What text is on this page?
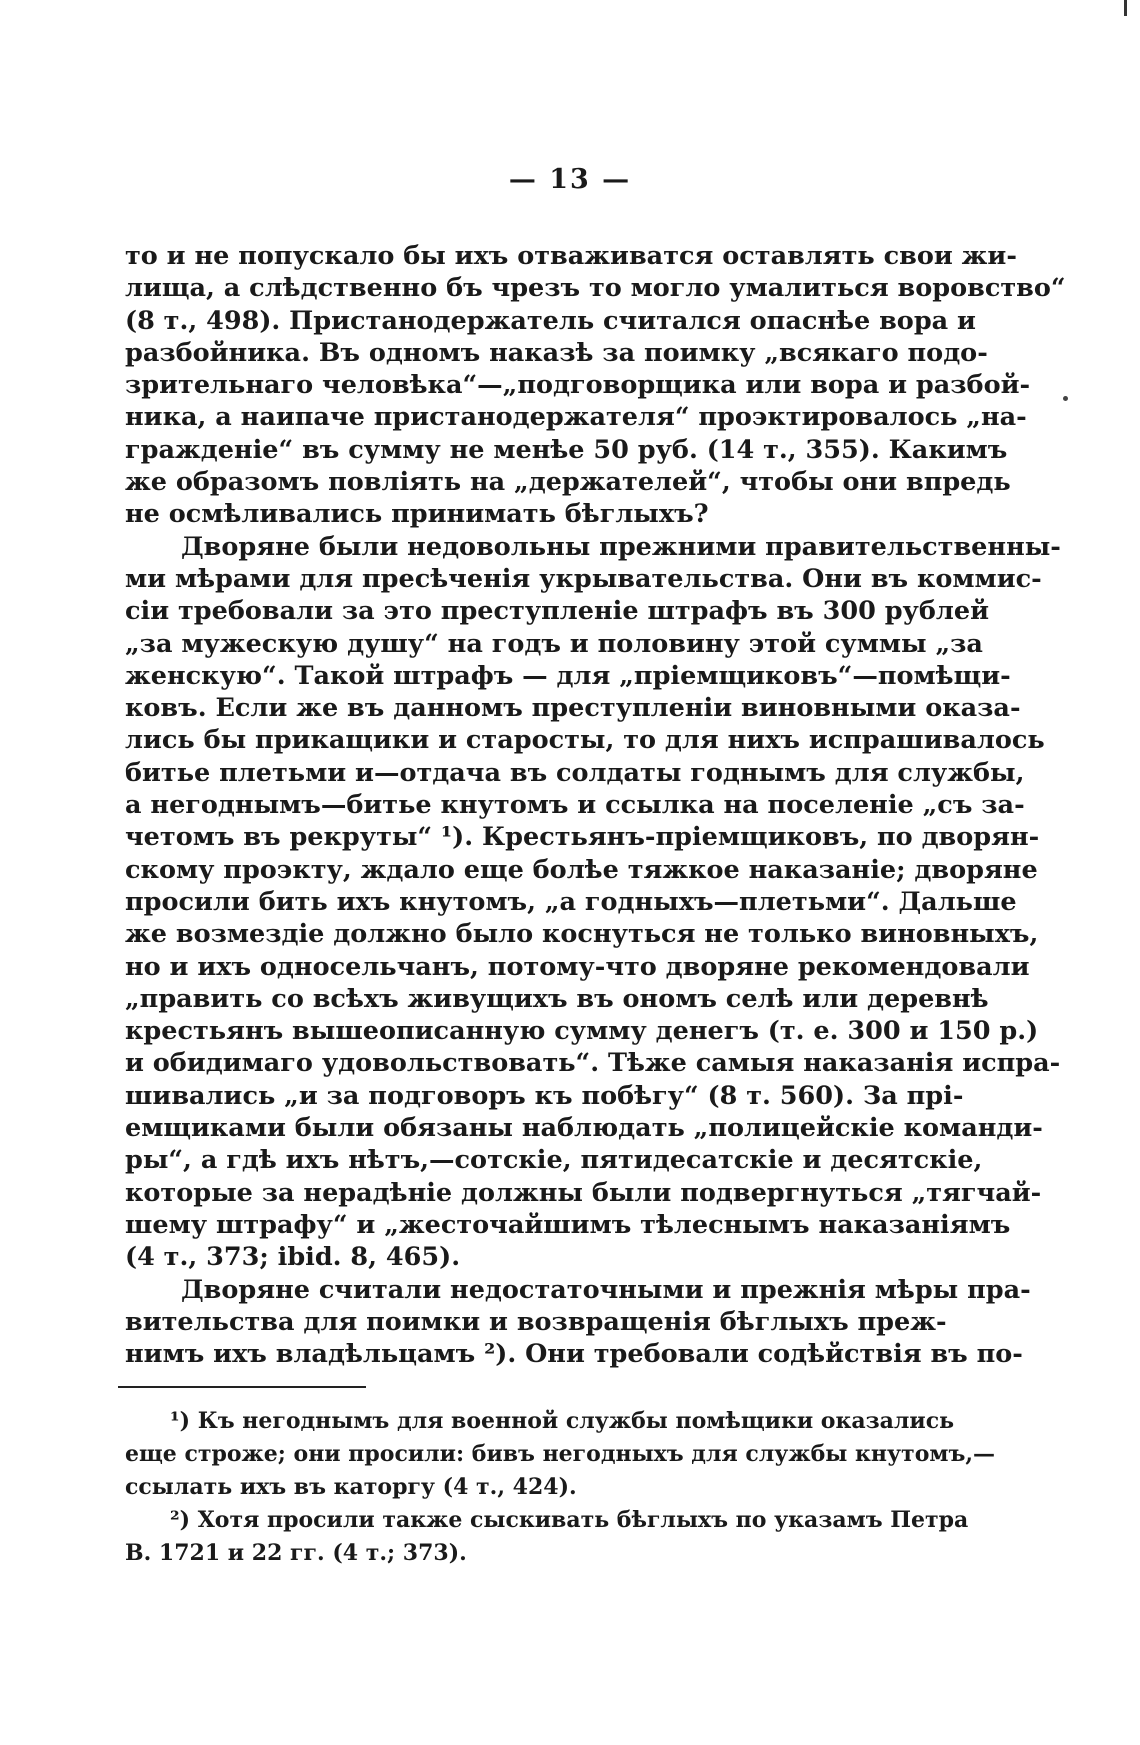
— 13 —
то и не попускало бы ихъ отваживатся оставлять свои жи-
лища, а слѣдственно бъ чрезъ то могло умалиться воровство“
(8 т., 498). Пристанодержатель считался опаснѣе вора и
разбойника. Въ одномъ наказѣ за поимку „всякаго подо-
зрительнаго человѣка“—„подговорщика или вора и разбой-
ника, а наипаче пристанодержателя“ проэктировалось „на-
гражденіе“ въ сумму не менѣе 50 руб. (14 т., 355). Какимъ
же образомъ повліять на „держателей“, чтобы они впредь
не осмѣливались принимать бѣглыхъ?
Дворяне были недовольны прежними правительственны-
ми мѣрами для пресѣченія укрывательства. Они въ коммис-
сіи требовали за это преступленіе штрафъ въ 300 рублей
„за мужескую душу“ на годъ и половину этой суммы „за
женскую“. Такой штрафъ — для „пріемщиковъ“—помѣщи-
ковъ. Если же въ данномъ преступленіи виновными оказа-
лись бы прикащики и старосты, то для нихъ испрашивалось
битье плетьми и—отдача въ солдаты годнымъ для службы,
а негоднымъ—битье кнутомъ и ссылка на поселеніе „съ за-
четомъ въ рекруты“ ¹). Крестьянъ-пріемщиковъ, по дворян-
скому проэкту, ждало еще болѣе тяжкое наказаніе; дворяне
просили бить ихъ кнутомъ, „а годныхъ—плетьми“. Дальше
же возмездіе должно было коснуться не только виновныхъ,
но и ихъ односельчанъ, потому-что дворяне рекомендовали
„править со всѣхъ живущихъ въ ономъ селѣ или деревнѣ
крестьянъ вышеописанную сумму денегъ (т. е. 300 и 150 р.)
и обидимаго удовольствовать“. Тѣже самыя наказанія испра-
шивались „и за подговоръ къ побѣгу“ (8 т. 560). За прі-
емщиками были обязаны наблюдать „полицейскіе команди-
ры“, а гдѣ ихъ нѣтъ,—сотскіе, пятидесатскіе и десятскіе,
которые за нерадѣніе должны были подвергнуться „тягчай-
шему штрафу“ и „жесточайшимъ тѣлеснымъ наказаніямъ
(4 т., 373; ibid. 8, 465).
Дворяне считали недостаточными и прежнія мѣры пра-
вительства для поимки и возвращенія бѣглыхъ преж-
нимъ ихъ владѣльцамъ ²). Они требовали содѣйствія въ по-
¹) Къ негоднымъ для военной службы помѣщики оказались
еще строже; они просили: бивъ негодныхъ для службы кнутомъ,—
ссылать ихъ въ каторгу (4 т., 424).
²) Хотя просили также сыскивать бѣглыхъ по указамъ Петра
В. 1721 и 22 гг. (4 т.; 373).
